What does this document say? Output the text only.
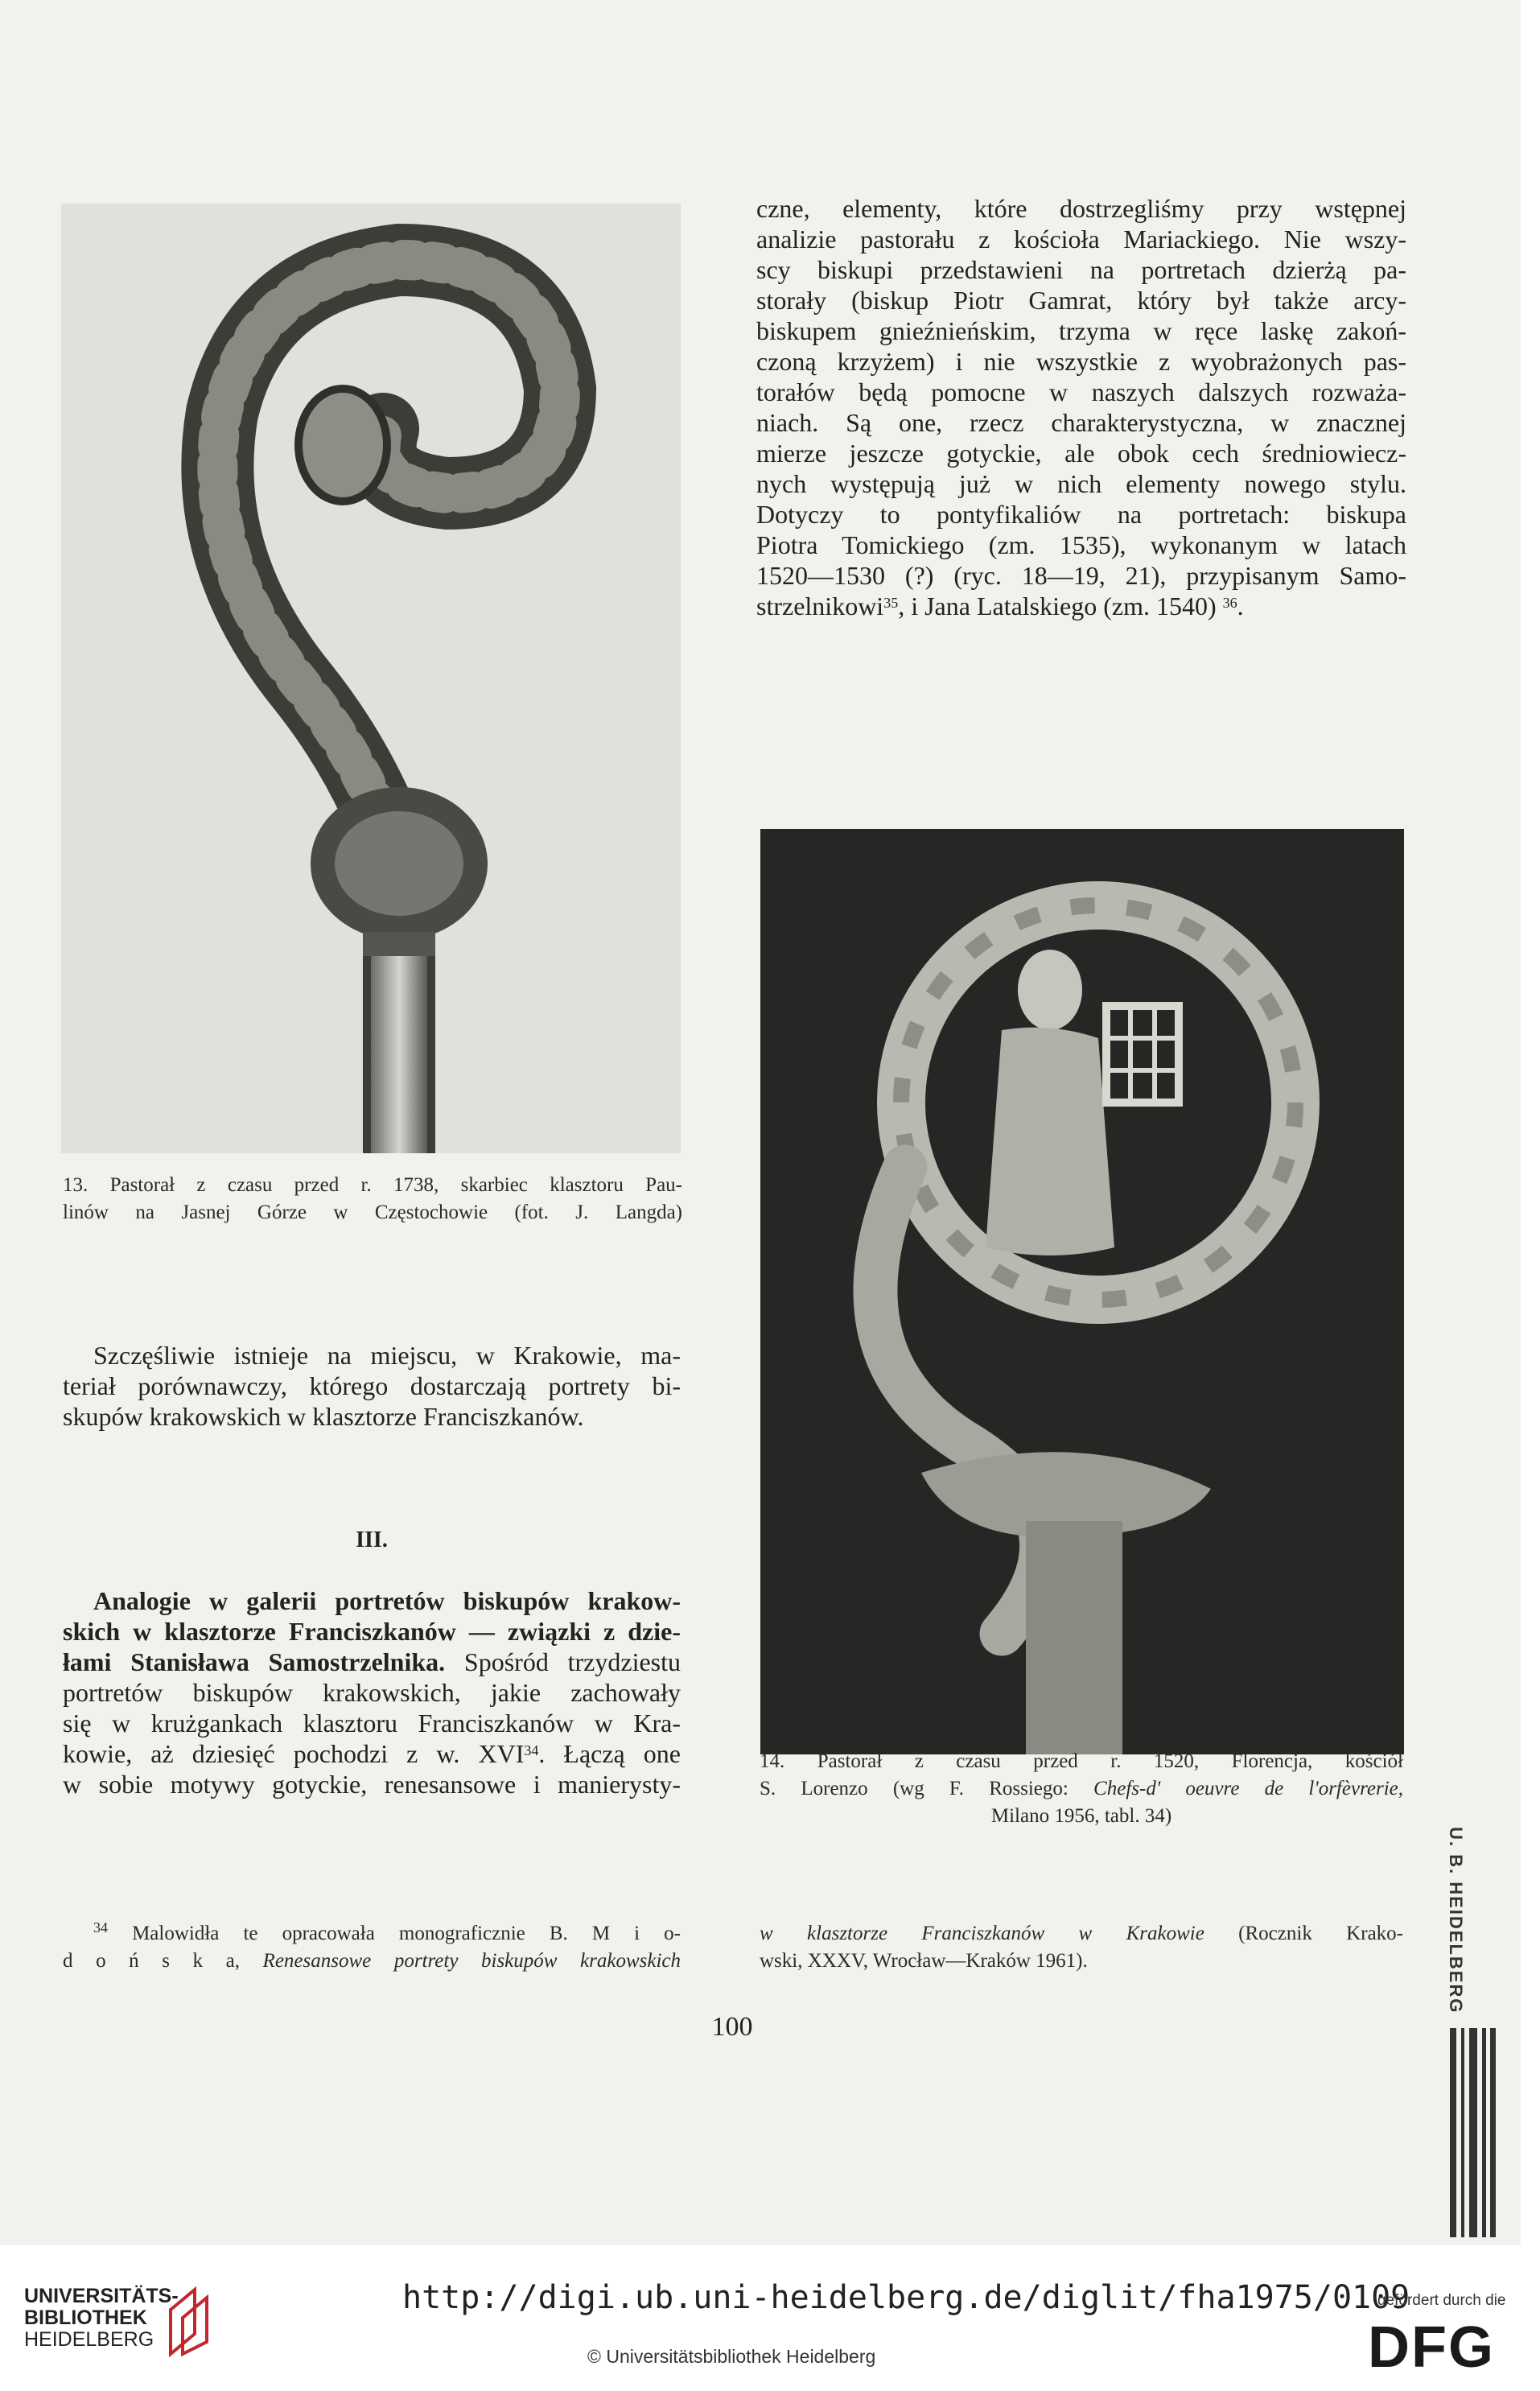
czne, elementy, które dostrzegliśmy przy wstępnej
analizie pastorału z kościoła Mariackiego. Nie wszy-
scy biskupi przedstawieni na portretach dzierżą pa-
storały (biskup Piotr Gamrat, który był także arcy-
biskupem gnieźnieńskim, trzyma w ręce laskę zakoń-
czoną krzyżem) i nie wszystkie z wyobrażonych pas-
torałów będą pomocne w naszych dalszych rozważa-
niach. Są one, rzecz charakterystyczna, w znacznej
mierze jeszcze gotyckie, ale obok cech średniowiecz-
nych występują już w nich elementy nowego stylu.
Dotyczy to pontyfikaliów na portretach: biskupa
Piotra Tomickiego (zm. 1535), wykonanym w latach
1520—1530 (?) (ryc. 18—19, 21), przypisanym Samo-
strzelnikowi$^{35}$, i Jana Latalskiego (zm. 1540) $^{36}$.
13. Pastorał z czasu przed r. 1738, skarbiec klasztoru Pau-
linów na Jasnej Górze w Częstochowie (fot. J. Langda)
Szczęśliwie istnieje na miejscu, w Krakowie, ma-
teriał porównawczy, którego dostarczają portrety bi-
skupów krakowskich w klasztorze Franciszkanów.
III.
Analogie w galerii portretów biskupów krakow-
skich w klasztorze Franciszkanów — związki z dzie-
łami Stanisława Samostrzelnika. Spośród trzydziestu
portretów biskupów krakowskich, jakie zachowały
się w krużgankach klasztoru Franciszkanów w Kra-
kowie, aż dziesięć pochodzi z w. XVI$^{34}$. Łączą one
w sobie motywy gotyckie, renesansowe i manierysty-
14. Pastorał z czasu przed r. 1520, Florencja, kościół
S. Lorenzo (wg F. Rossiego: Chefs-d' oeuvre de l'orfèvrerie,
Milano 1956, tabl. 34)
$^{34}$ Malowidła te opracowała monograficznie B. M i o-
d o ń s k a, Renesansowe portrety biskupów krakowskich
w klasztorze Franciszkanów w Krakowie (Rocznik Krako-
wski, XXXV, Wrocław—Kraków 1961).
100
U. B. HEIDELBERG
UNIVERSITÄTS-
BIBLIOTHEK
HEIDELBERG
http://digi.ub.uni-heidelberg.de/diglit/fha1975/0109
© Universitätsbibliothek Heidelberg
gefördert durch die
DFG
